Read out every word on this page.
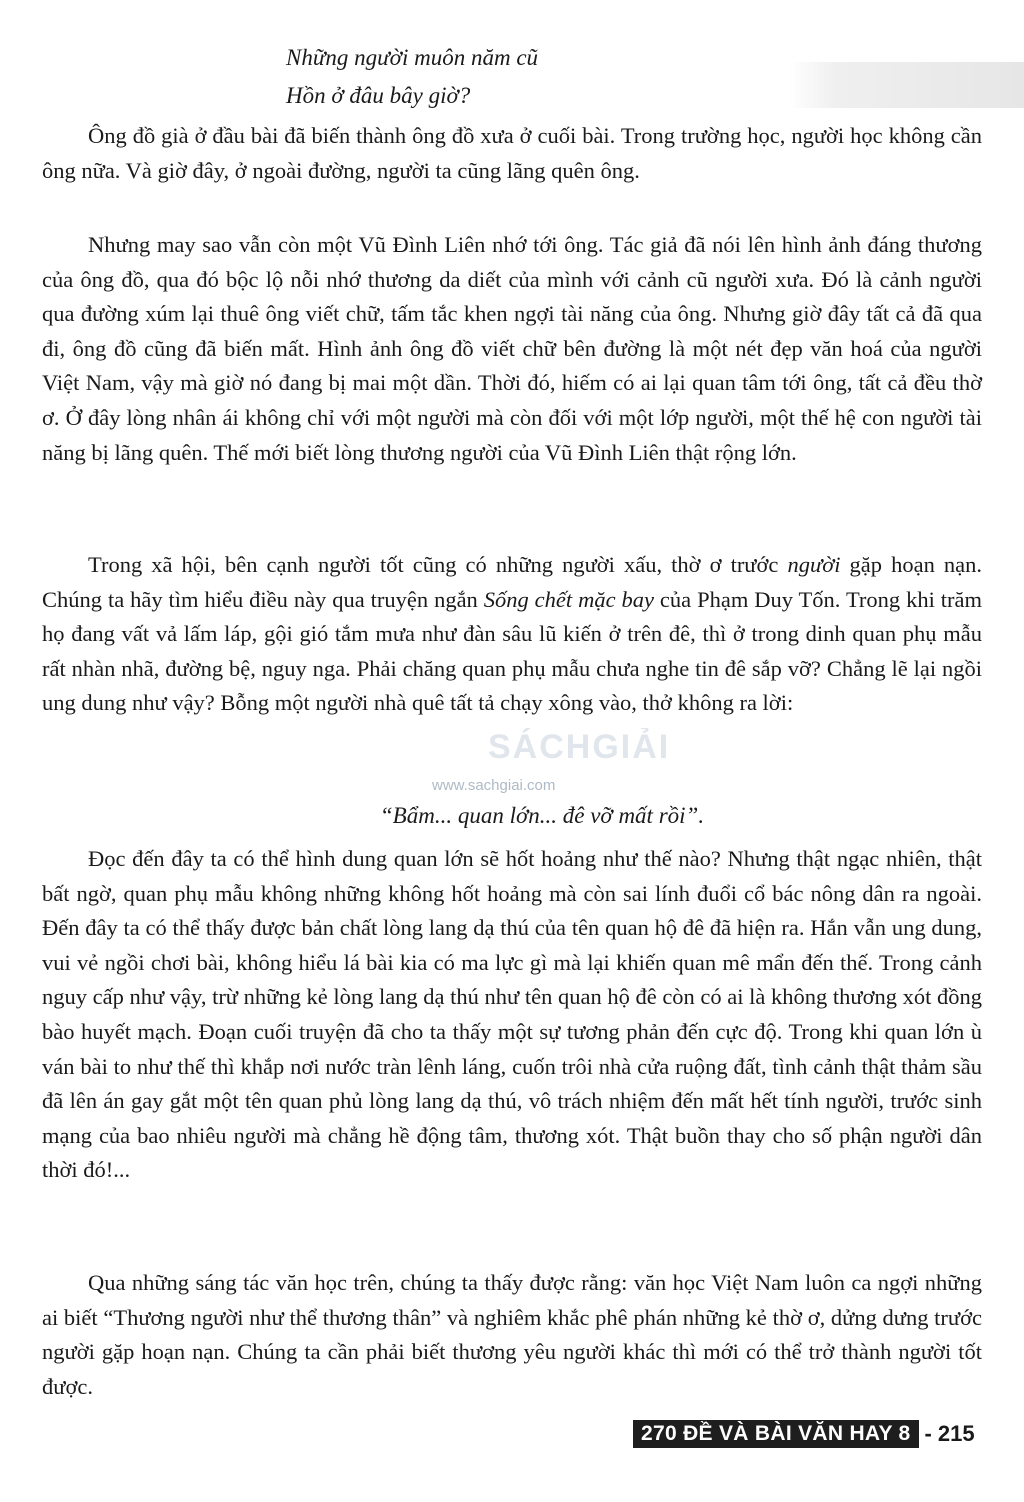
Những người muôn năm cũ
Hồn ở đâu bây giờ?

Ông đồ già ở đầu bài đã biến thành ông đồ xưa ở cuối bài. Trong trường học, người học không cần ông nữa. Và giờ đây, ở ngoài đường, người ta cũng lãng quên ông.

Nhưng may sao vẫn còn một Vũ Đình Liên nhớ tới ông. Tác giả đã nói lên hình ảnh đáng thương của ông đồ, qua đó bộc lộ nỗi nhớ thương da diết của mình với cảnh cũ người xưa. Đó là cảnh người qua đường xúm lại thuê ông viết chữ, tấm tắc khen ngợi tài năng của ông. Nhưng giờ đây tất cả đã qua đi, ông đồ cũng đã biến mất. Hình ảnh ông đồ viết chữ bên đường là một nét đẹp văn hoá của người Việt Nam, vậy mà giờ nó đang bị mai một dần. Thời đó, hiếm có ai lại quan tâm tới ông, tất cả đều thờ ơ. Ở đây lòng nhân ái không chỉ với một người mà còn đối với một lớp người, một thế hệ con người tài năng bị lãng quên. Thế mới biết lòng thương người của Vũ Đình Liên thật rộng lớn.

Trong xã hội, bên cạnh người tốt cũng có những người xấu, thờ ơ trước người gặp hoạn nạn. Chúng ta hãy tìm hiểu điều này qua truyện ngắn Sống chết mặc bay của Phạm Duy Tốn. Trong khi trăm họ đang vất vả lấm láp, gội gió tắm mưa như đàn sâu lũ kiến ở trên đê, thì ở trong dinh quan phụ mẫu rất nhàn nhã, đường bệ, nguy nga. Phải chăng quan phụ mẫu chưa nghe tin đê sắp vỡ? Chẳng lẽ lại ngồi ung dung như vậy? Bỗng một người nhà quê tất tả chạy xông vào, thở không ra lời:

SÁCHGIẢI
www.sachgiai.com
“Bẩm... quan lớn... đê vỡ mất rồi”.

Đọc đến đây ta có thể hình dung quan lớn sẽ hốt hoảng như thế nào? Nhưng thật ngạc nhiên, thật bất ngờ, quan phụ mẫu không những không hốt hoảng mà còn sai lính đuổi cổ bác nông dân ra ngoài. Đến đây ta có thể thấy được bản chất lòng lang dạ thú của tên quan hộ đê đã hiện ra. Hắn vẫn ung dung, vui vẻ ngồi chơi bài, không hiểu lá bài kia có ma lực gì mà lại khiến quan mê mẩn đến thế. Trong cảnh nguy cấp như vậy, trừ những kẻ lòng lang dạ thú như tên quan hộ đê còn có ai là không thương xót đồng bào huyết mạch. Đoạn cuối truyện đã cho ta thấy một sự tương phản đến cực độ. Trong khi quan lớn ù ván bài to như thế thì khắp nơi nước tràn lênh láng, cuốn trôi nhà cửa ruộng đất, tình cảnh thật thảm sầu đã lên án gay gắt một tên quan phủ lòng lang dạ thú, vô trách nhiệm đến mất hết tính người, trước sinh mạng của bao nhiêu người mà chẳng hề động tâm, thương xót. Thật buồn thay cho số phận người dân thời đó!...

Qua những sáng tác văn học trên, chúng ta thấy được rằng: văn học Việt Nam luôn ca ngợi những ai biết “Thương người như thể thương thân” và nghiêm khắc phê phán những kẻ thờ ơ, dửng dưng trước người gặp hoạn nạn. Chúng ta cần phải biết thương yêu người khác thì mới có thể trở thành người tốt được.

270 ĐỀ VÀ BÀI VĂN HAY 8 - 215
